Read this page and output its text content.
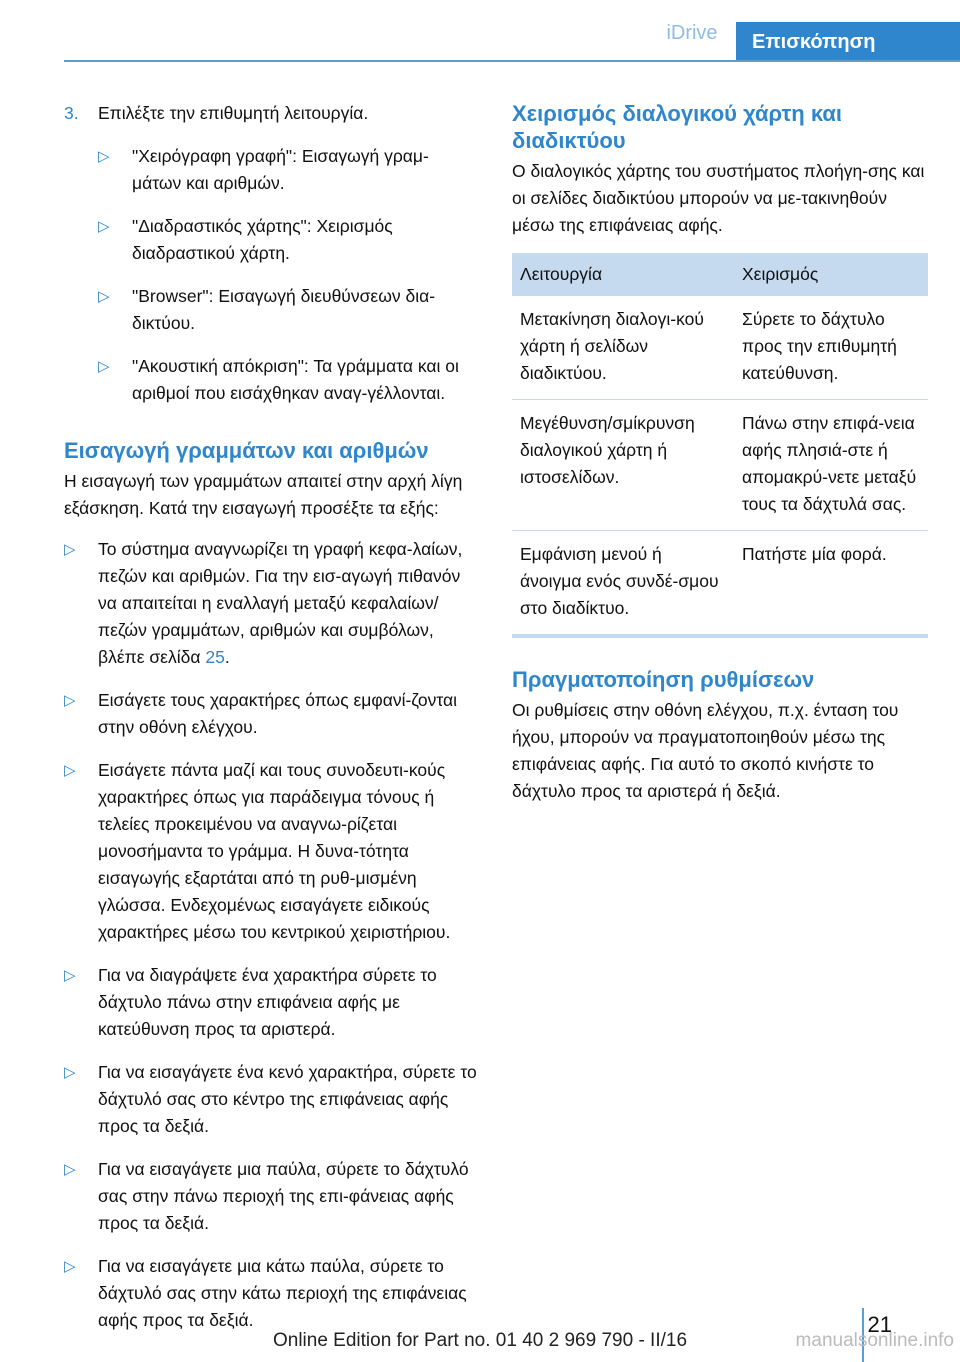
iDrive	Επισκόπηση
3.	Επιλέξτε την επιθυμητή λειτουργία.
▷	"Χειρόγραφη γραφή": Εισαγωγή γραμ-μάτων και αριθμών.
▷	"Διαδραστικός χάρτης": Χειρισμός διαδραστικού χάρτη.
▷	"Browser": Εισαγωγή διευθύνσεων δια-δικτύου.
▷	"Ακουστική απόκριση": Τα γράμματα και οι αριθμοί που εισάχθηκαν αναγ-γέλλονται.
Εισαγωγή γραμμάτων και αριθμών

Η εισαγωγή των γραμμάτων απαιτεί στην αρχή λίγη εξάσκηση. Κατά την εισαγωγή προσέξτε τα εξής:

▷	Το σύστημα αναγνωρίζει τη γραφή κεφα-λαίων, πεζών και αριθμών. Για την εισ-αγωγή πιθανόν να απαιτείται η εναλλαγή μεταξύ κεφαλαίων/πεζών γραμμάτων, αριθμών και συμβόλων, βλέπε σελίδα 25.
▷	Εισάγετε τους χαρακτήρες όπως εμφανί-ζονται στην οθόνη ελέγχου.
▷	Εισάγετε πάντα μαζί και τους συνοδευτι-κούς χαρακτήρες όπως για παράδειγμα τόνους ή τελείες προκειμένου να αναγνω-ρίζεται μονοσήμαντα το γράμμα. Η δυνα-τότητα εισαγωγής εξαρτάται από τη ρυθ-μισμένη γλώσσα. Ενδεχομένως εισαγάγετε ειδικούς χαρακτήρες μέσω του κεντρικού χειριστήριου.
▷	Για να διαγράψετε ένα χαρακτήρα σύρετε το δάχτυλο πάνω στην επιφάνεια αφής με κατεύθυνση προς τα αριστερά.
▷	Για να εισαγάγετε ένα κενό χαρακτήρα, σύρετε το δάχτυλό σας στο κέντρο της επιφάνειας αφής προς τα δεξιά.
▷	Για να εισαγάγετε μια παύλα, σύρετε το δάχτυλό σας στην πάνω περιοχή της επι-φάνειας αφής προς τα δεξιά.
▷	Για να εισαγάγετε μια κάτω παύλα, σύρετε το δάχτυλό σας στην κάτω περιοχή της επιφάνειας αφής προς τα δεξιά.
Χειρισμός διαλογικού χάρτη και διαδικτύου

Ο διαλογικός χάρτης του συστήματος πλοήγη-σης και οι σελίδες διαδικτύου μπορούν να με-τακινηθούν μέσω της επιφάνειας αφής.

Λειτουργία	Χειρισμός
Μετακίνηση διαλογι-κού χάρτη ή σελίδων διαδικτύου.	Σύρετε το δάχτυλο προς την επιθυμητή κατεύθυνση.
Μεγέθυνση/σμίκρυνση διαλογικού χάρτη ή ιστοσελίδων.	Πάνω στην επιφά-νεια αφής πλησιά-στε ή απομακρύ-νετε μεταξύ τους τα δάχτυλά σας.
Εμφάνιση μενού ή άνοιγμα ενός συνδέ-σμου στο διαδίκτυο.	Πατήστε μία φορά.
Πραγματοποίηση ρυθμίσεων

Οι ρυθμίσεις στην οθόνη ελέγχου, π.χ. ένταση του ήχου, μπορούν να πραγματοποιηθούν μέσω της επιφάνειας αφής. Για αυτό το σκοπό κινήστε το δάχτυλο προς τα αριστερά ή δεξιά.

21
Online Edition for Part no. 01 40 2 969 790 - II/16	manualsonline.info
